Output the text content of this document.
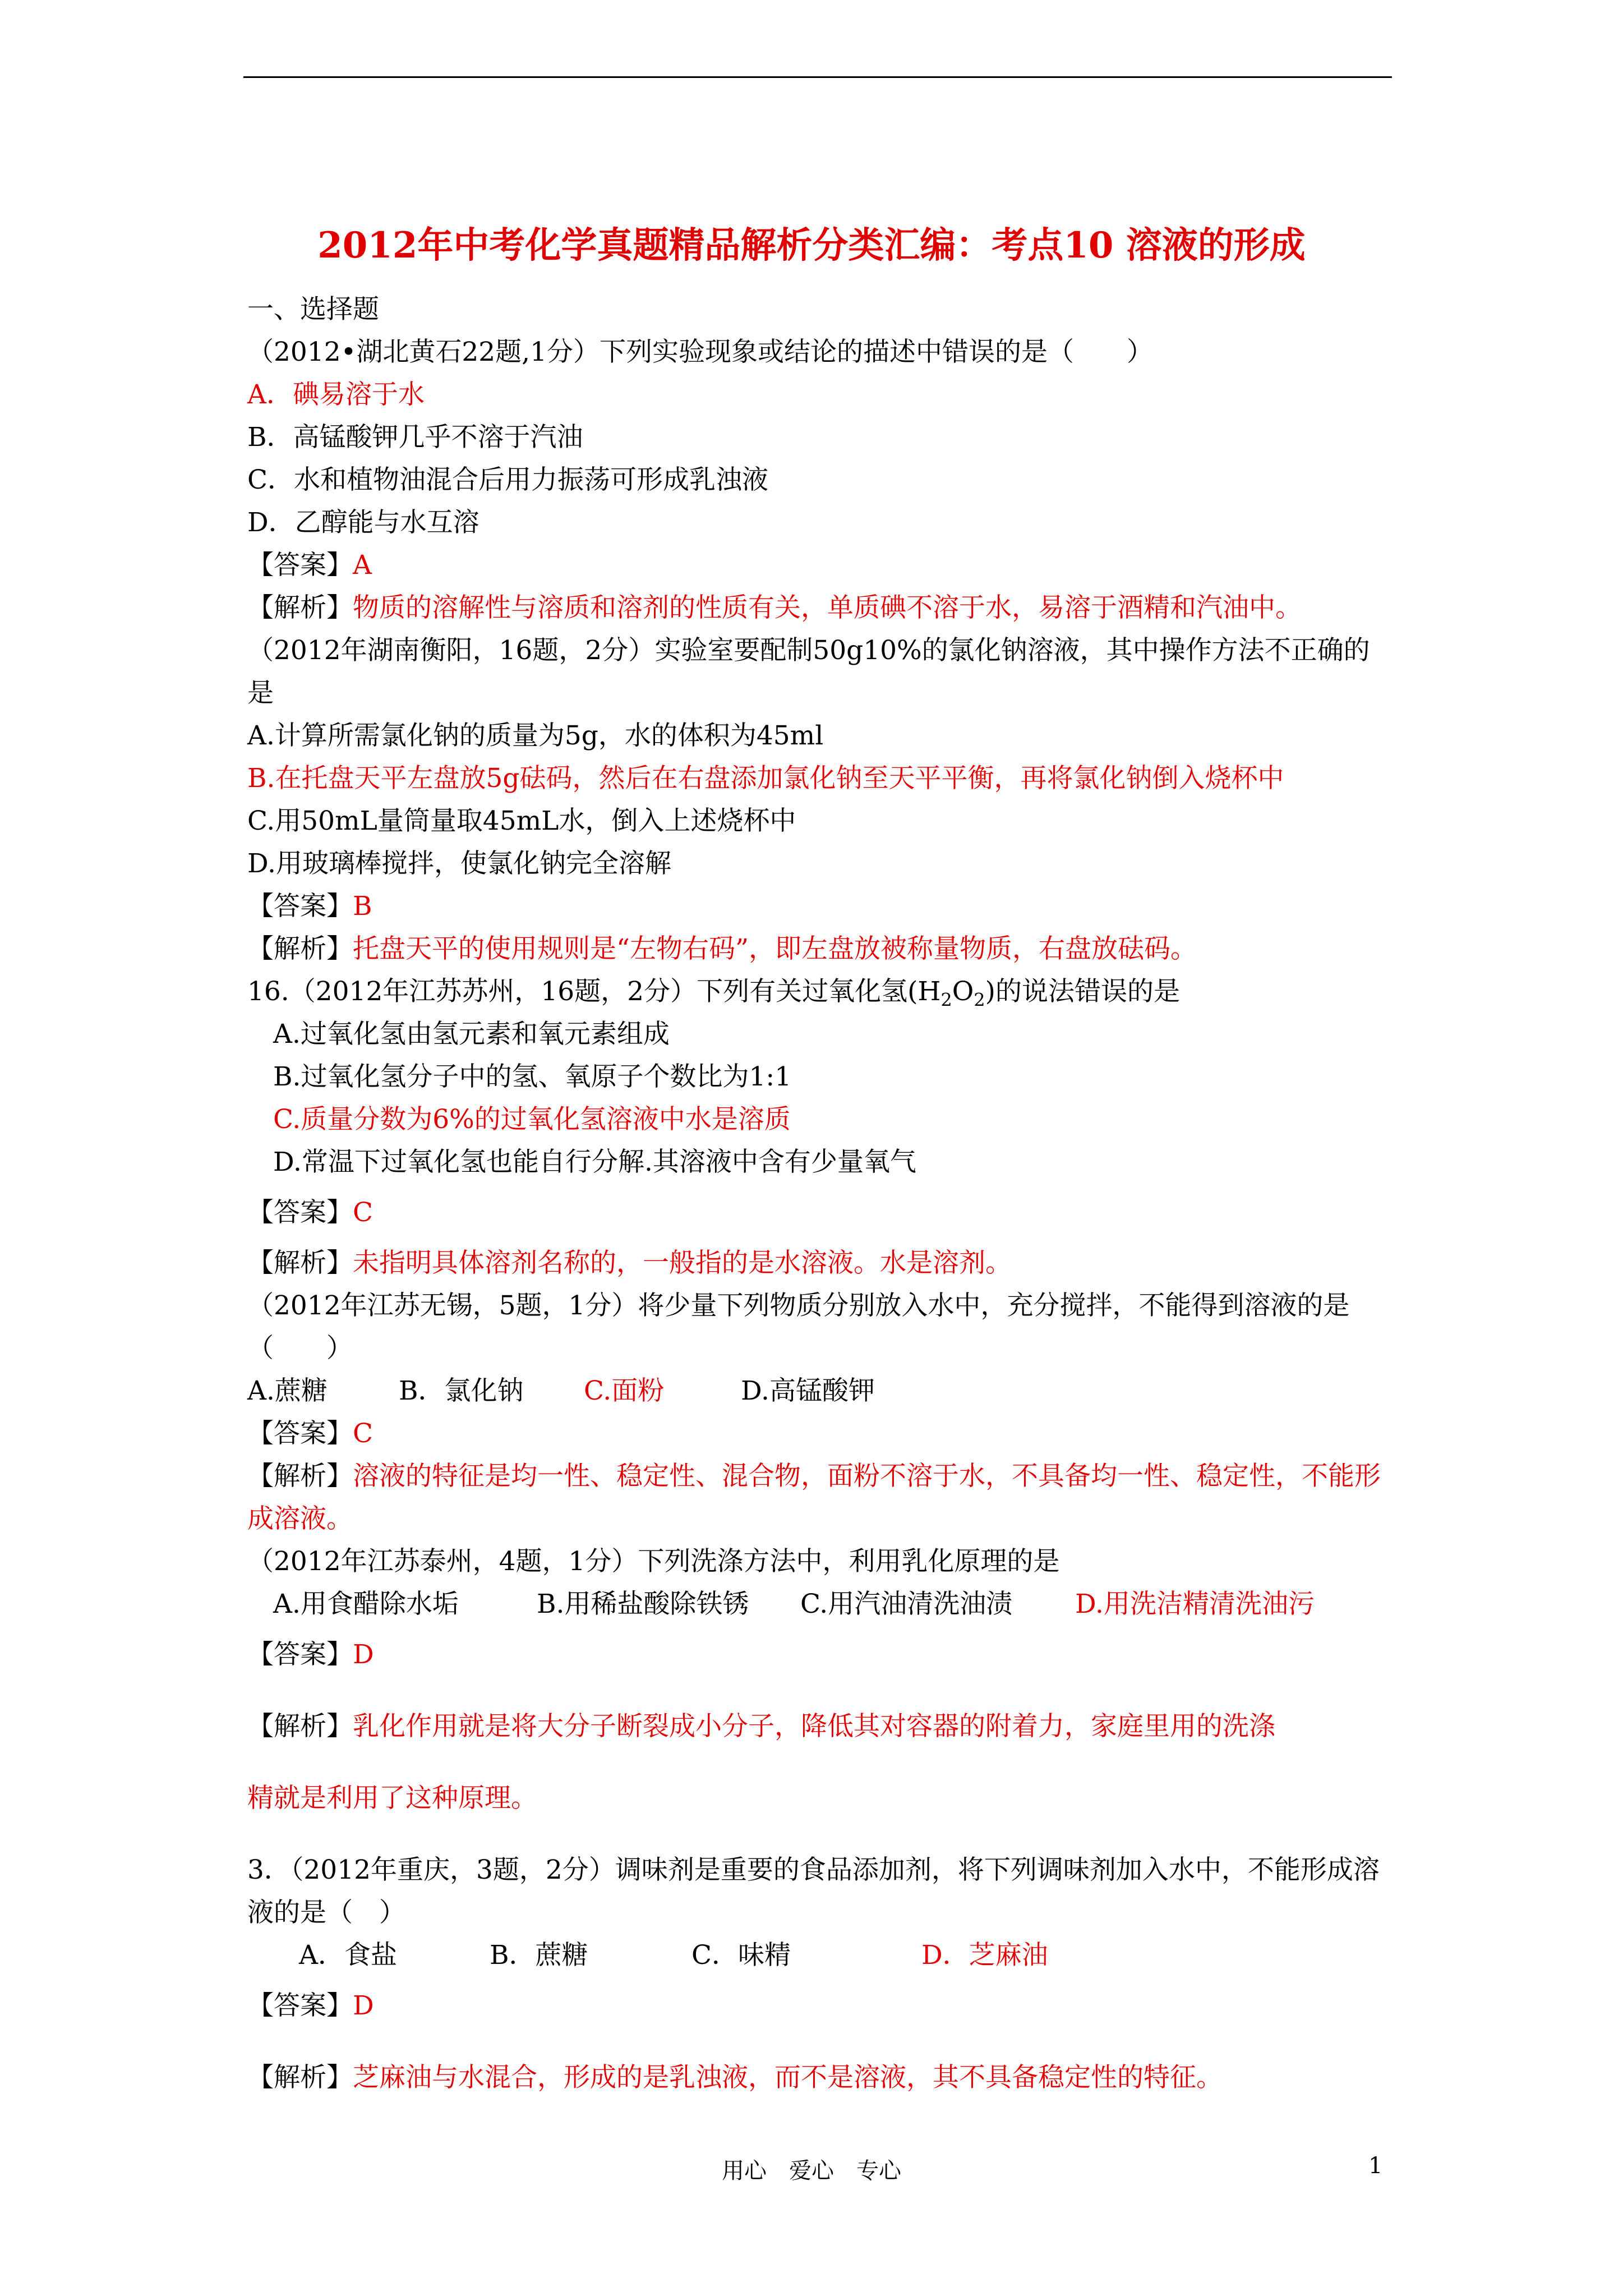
2012年中考化学真题精品解析分类汇编：考点10 溶液的形成
一、选择题
（2012•湖北黄石22题,1分）下列实验现象或结论的描述中错误的是（　　）
A．碘易溶于水
B．高锰酸钾几乎不溶于汽油
C．水和植物油混合后用力振荡可形成乳浊液
D．乙醇能与水互溶
【答案】A
【解析】物质的溶解性与溶质和溶剂的性质有关，单质碘不溶于水，易溶于酒精和汽油中。
（2012年湖南衡阳，16题，2分）实验室要配制50g10%的氯化钠溶液，其中操作方法不正确的是
A.计算所需氯化钠的质量为5g，水的体积为45ml
B.在托盘天平左盘放5g砝码，然后在右盘添加氯化钠至天平平衡，再将氯化钠倒入烧杯中
C.用50mL量筒量取45mL水，倒入上述烧杯中
D.用玻璃棒搅拌，使氯化钠完全溶解
【答案】B
【解析】托盘天平的使用规则是“左物右码”，即左盘放被称量物质，右盘放砝码。
16.（2012年江苏苏州，16题，2分）下列有关过氧化氢$(H_2O_2)$的说法错误的是
A.过氧化氢由氢元素和氧元素组成
B.过氧化氢分子中的氢、氧原子个数比为1:1
C.质量分数为6%的过氧化氢溶液中水是溶质
D.常温下过氧化氢也能自行分解.其溶液中含有少量氧气
【答案】C
【解析】未指明具体溶剂名称的，一般指的是水溶液。水是溶剂。
（2012年江苏无锡，5题，1分）将少量下列物质分别放入水中，充分搅拌，不能得到溶液的是（　　）
A.蔗糖	B．氯化钠 C.面粉	D.高锰酸钾
【答案】C
【解析】溶液的特征是均一性、稳定性、混合物，面粉不溶于水，不具备均一性、稳定性，不能形成溶液。
（2012年江苏泰州，4题，1分）下列洗涤方法中，利用乳化原理的是
A.用食醋除水垢	B.用稀盐酸除铁锈 C.用汽油清洗油渍 D.用洗洁精清洗油污
【答案】D
【解析】乳化作用就是将大分子断裂成小分子，降低其对容器的附着力，家庭里用的洗涤
精就是利用了这种原理。
3．（2012年重庆，3题，2分）调味剂是重要的食品添加剂，将下列调味剂加入水中，不能形成溶液的是（　）
A．食盐	B．蔗糖	C．味精	D．芝麻油
【答案】D
【解析】芝麻油与水混合，形成的是乳浊液，而不是溶液，其不具备稳定性的特征。
用心　爱心　专心	1
